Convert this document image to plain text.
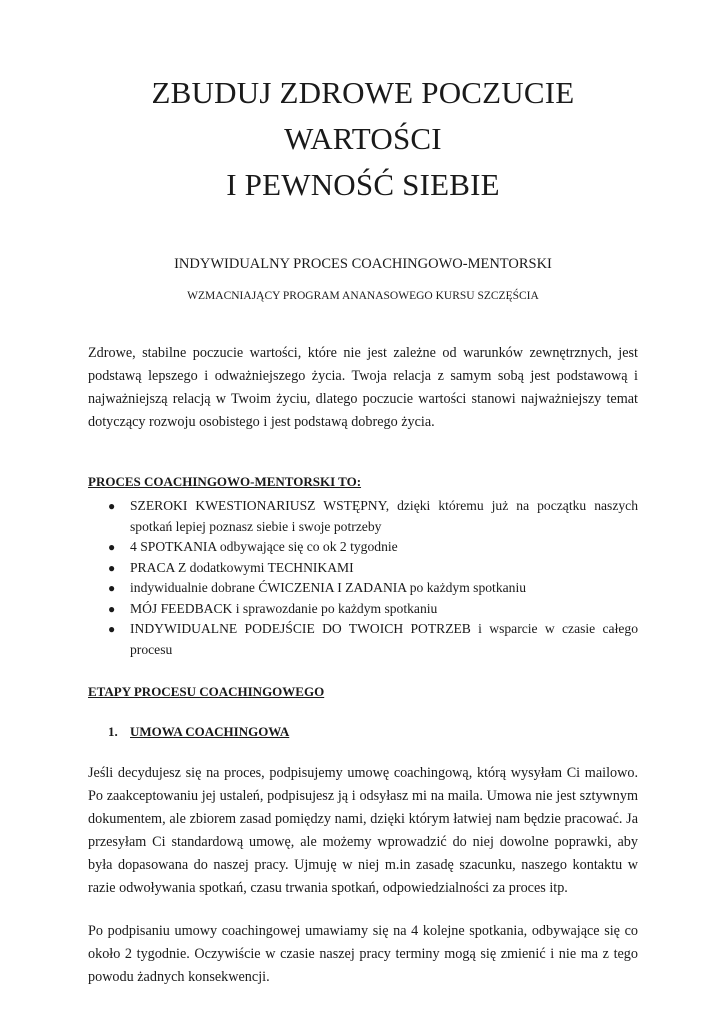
ZBUDUJ ZDROWE POCZUCIE WARTOŚCI
I PEWNOŚĆ SIEBIE
INDYWIDUALNY PROCES COACHINGOWO-MENTORSKI
WZMACNIAJĄCY PROGRAM ANANASOWEGO KURSU SZCZĘŚCIA

Zdrowe, stabilne poczucie wartości, które nie jest zależne od warunków zewnętrznych, jest podstawą lepszego i odważniejszego życia. Twoja relacja z samym sobą jest podstawową i najważniejszą relacją w Twoim życiu, dlatego poczucie wartości stanowi najważniejszy temat dotyczący rozwoju osobistego i jest podstawą dobrego życia.

PROCES COACHINGOWO-MENTORSKI TO:
● SZEROKI KWESTIONARIUSZ WSTĘPNY, dzięki któremu już na początku naszych spotkań lepiej poznasz siebie i swoje potrzeby
● 4 SPOTKANIA odbywające się co ok 2 tygodnie
● PRACA Z dodatkowymi TECHNIKAMI
● indywidualnie dobrane ĆWICZENIA I ZADANIA po każdym spotkaniu
● MÓJ FEEDBACK i sprawozdanie po każdym spotkaniu
● INDYWIDUALNE PODEJŚCIE DO TWOICH POTRZEB i wsparcie w czasie całego procesu
ETAPY PROCESU COACHINGOWEGO
1. UMOWA COACHINGOWA

Jeśli decydujesz się na proces, podpisujemy umowę coachingową, którą wysyłam Ci mailowo. Po zaakceptowaniu jej ustaleń, podpisujesz ją i odsyłasz mi na maila. Umowa nie jest sztywnym dokumentem, ale zbiorem zasad pomiędzy nami, dzięki którym łatwiej nam będzie pracować. Ja przesyłam Ci standardową umowę, ale możemy wprowadzić do niej dowolne poprawki, aby była dopasowana do naszej pracy. Ujmuję w niej m.in zasadę szacunku, naszego kontaktu w razie odwoływania spotkań, czasu trwania spotkań, odpowiedzialności za proces itp.

Po podpisaniu umowy coachingowej umawiamy się na 4 kolejne spotkania, odbywające się co około 2 tygodnie. Oczywiście w czasie naszej pracy terminy mogą się zmienić i nie ma z tego powodu żadnych konsekwencji.
